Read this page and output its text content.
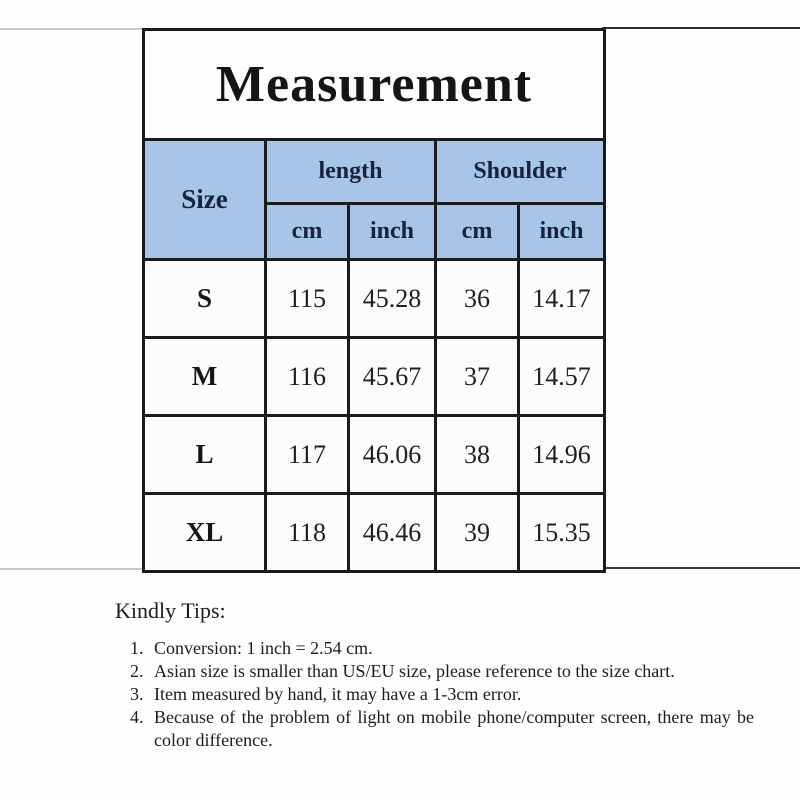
Measurement				
Size	length		Shoulder	
	cm	inch	cm	inch
S	115	45.28	36	14.17
M	116	45.67	37	14.57
L	117	46.06	38	14.96
XL	118	46.46	39	15.35
Kindly Tips:
1. Conversion: 1 inch = 2.54 cm.
2. Asian size is smaller than US/EU size, please reference to the size chart.
3. Item measured by hand, it may have a 1-3cm error.
4. Because of the problem of light on mobile phone/computer screen, there may be color difference.
